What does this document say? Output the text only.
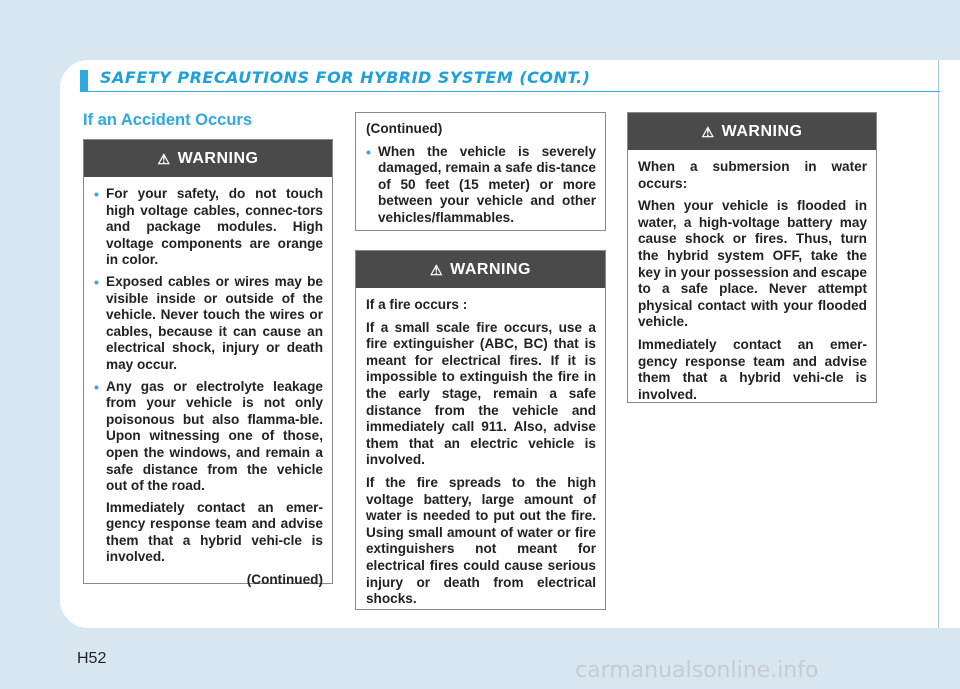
SAFETY PRECAUTIONS FOR HYBRID SYSTEM (CONT.)
If an Accident Occurs
⚠ WARNING
• For your safety, do not touch high voltage cables, connec-tors and package modules. High voltage components are orange in color.
• Exposed cables or wires may be visible inside or outside of the vehicle. Never touch the wires or cables, because it can cause an electrical shock, injury or death may occur.
• Any gas or electrolyte leakage from your vehicle is not only poisonous but also flamma-ble. Upon witnessing one of those, open the windows, and remain a safe distance from the vehicle out of the road.
Immediately contact an emer-gency response team and advise them that a hybrid vehi-cle is involved.
(Continued)

(Continued)

• When the vehicle is severely damaged, remain a safe dis-tance of 50 feet (15 meter) or more between your vehicle and other vehicles/flammables.
⚠ WARNING

If a fire occurs :

If a small scale fire occurs, use a fire extinguisher (ABC, BC) that is meant for electrical fires. If it is impossible to extinguish the fire in the early stage, remain a safe distance from the vehicle and immediately call 911. Also, advise them that an electric vehicle is involved.

If the fire spreads to the high voltage battery, large amount of water is needed to put out the fire. Using small amount of water or fire extinguishers not meant for electrical fires could cause serious injury or death from electrical shocks.

⚠ WARNING

When a submersion in water occurs:

When your vehicle is flooded in water, a high-voltage battery may cause shock or fires. Thus, turn the hybrid system OFF, take the key in your possession and escape to a safe place. Never attempt physical contact with your flooded vehicle.

Immediately contact an emer-gency response team and advise them that a hybrid vehi-cle is involved.

H52	carmanualsonline.info
